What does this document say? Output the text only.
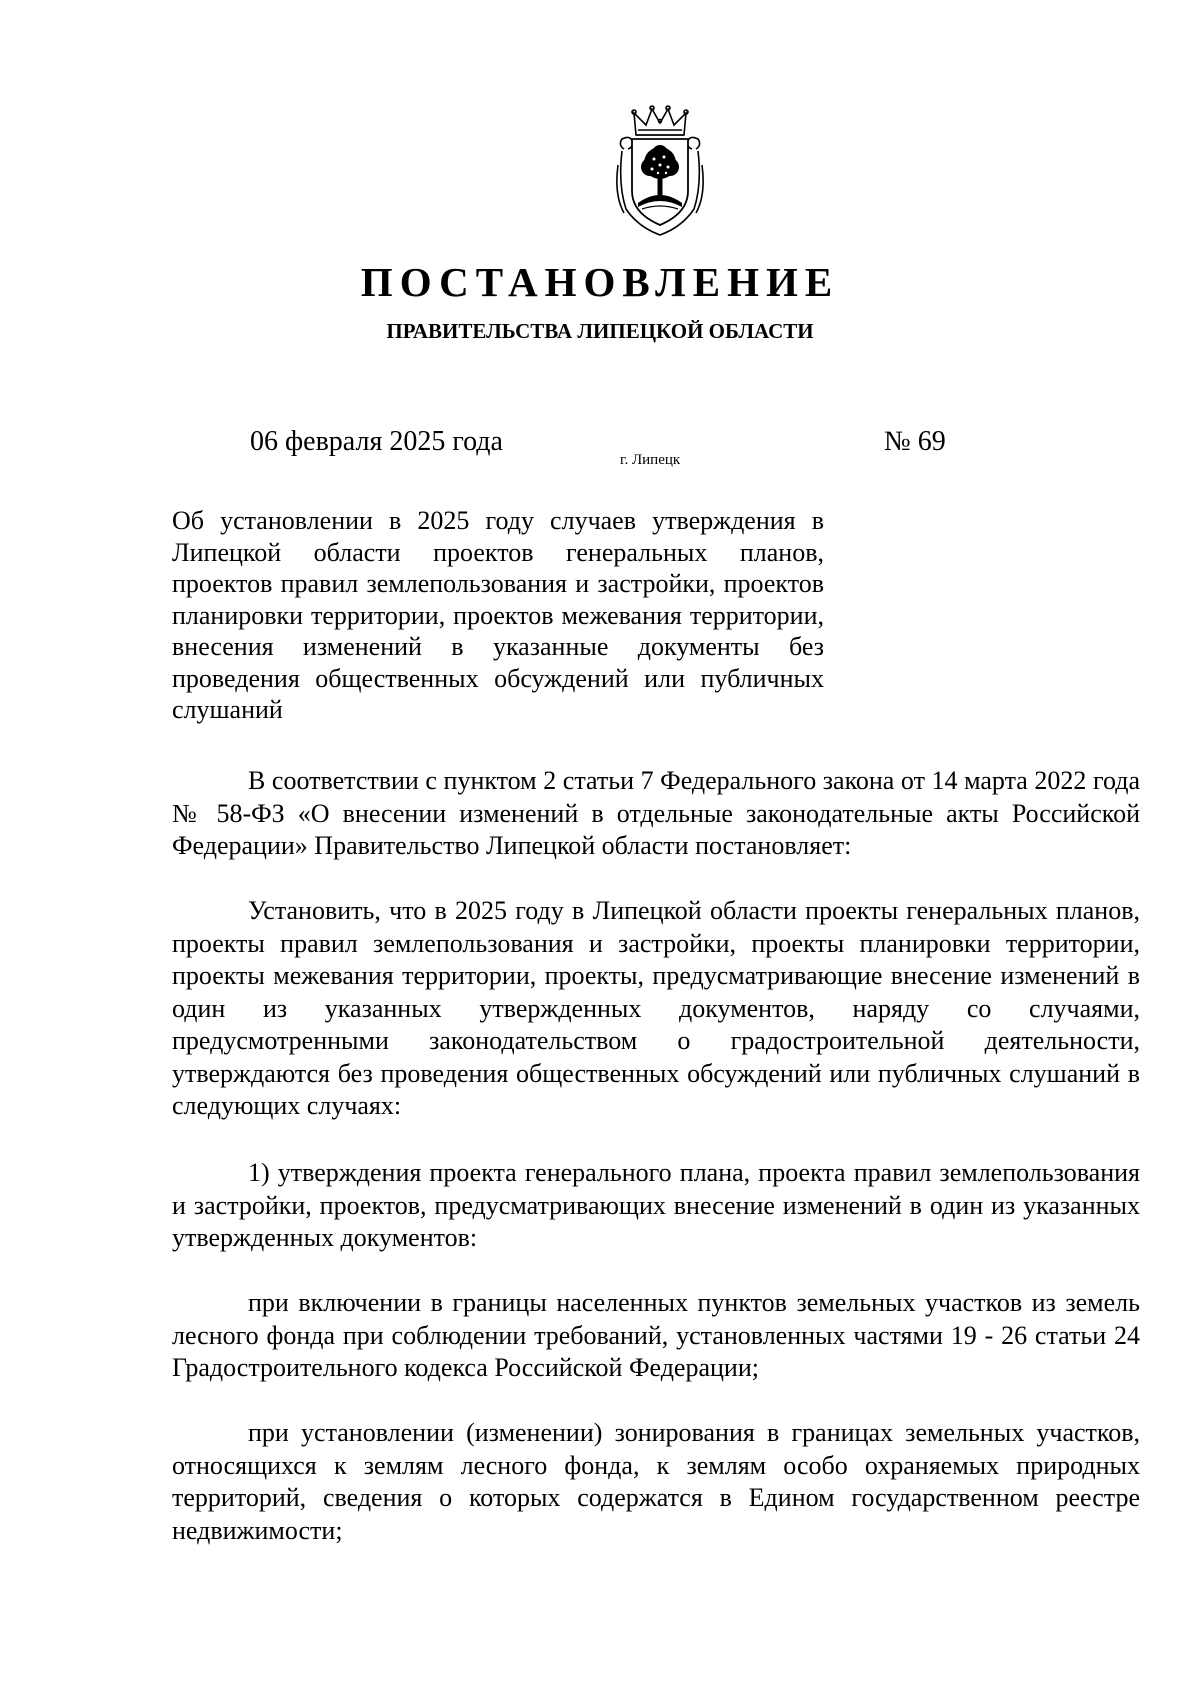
ПОСТАНОВЛЕНИЕ
ПРАВИТЕЛЬСТВА ЛИПЕЦКОЙ ОБЛАСТИ
06 февраля 2025 года
г. Липецк
№ 69

Об установлении в 2025 году случаев утверждения в Липецкой области проектов генеральных планов, проектов правил землепользования и застройки, проектов планировки территории, проектов межевания территории, внесения изменений в указанные документы без проведения общественных обсуждений или публичных слушаний

В соответствии с пунктом 2 статьи 7 Федерального закона от 14 марта 2022 года № 58-ФЗ «О внесении изменений в отдельные законодательные акты Российской Федерации» Правительство Липецкой области постановляет:

Установить, что в 2025 году в Липецкой области проекты генеральных планов, проекты правил землепользования и застройки, проекты планировки территории, проекты межевания территории, проекты, предусматривающие внесение изменений в один из указанных утвержденных документов, наряду со случаями, предусмотренными законодательством о градостроительной деятельности, утверждаются без проведения общественных обсуждений или публичных слушаний в следующих случаях:

1) утверждения проекта генерального плана, проекта правил землепользования и застройки, проектов, предусматривающих внесение изменений в один из указанных утвержденных документов:

при включении в границы населенных пунктов земельных участков из земель лесного фонда при соблюдении требований, установленных частями 19 - 26 статьи 24 Градостроительного кодекса Российской Федерации;

при установлении (изменении) зонирования в границах земельных участков, относящихся к землям лесного фонда, к землям особо охраняемых природных территорий, сведения о которых содержатся в Едином государственном реестре недвижимости;
